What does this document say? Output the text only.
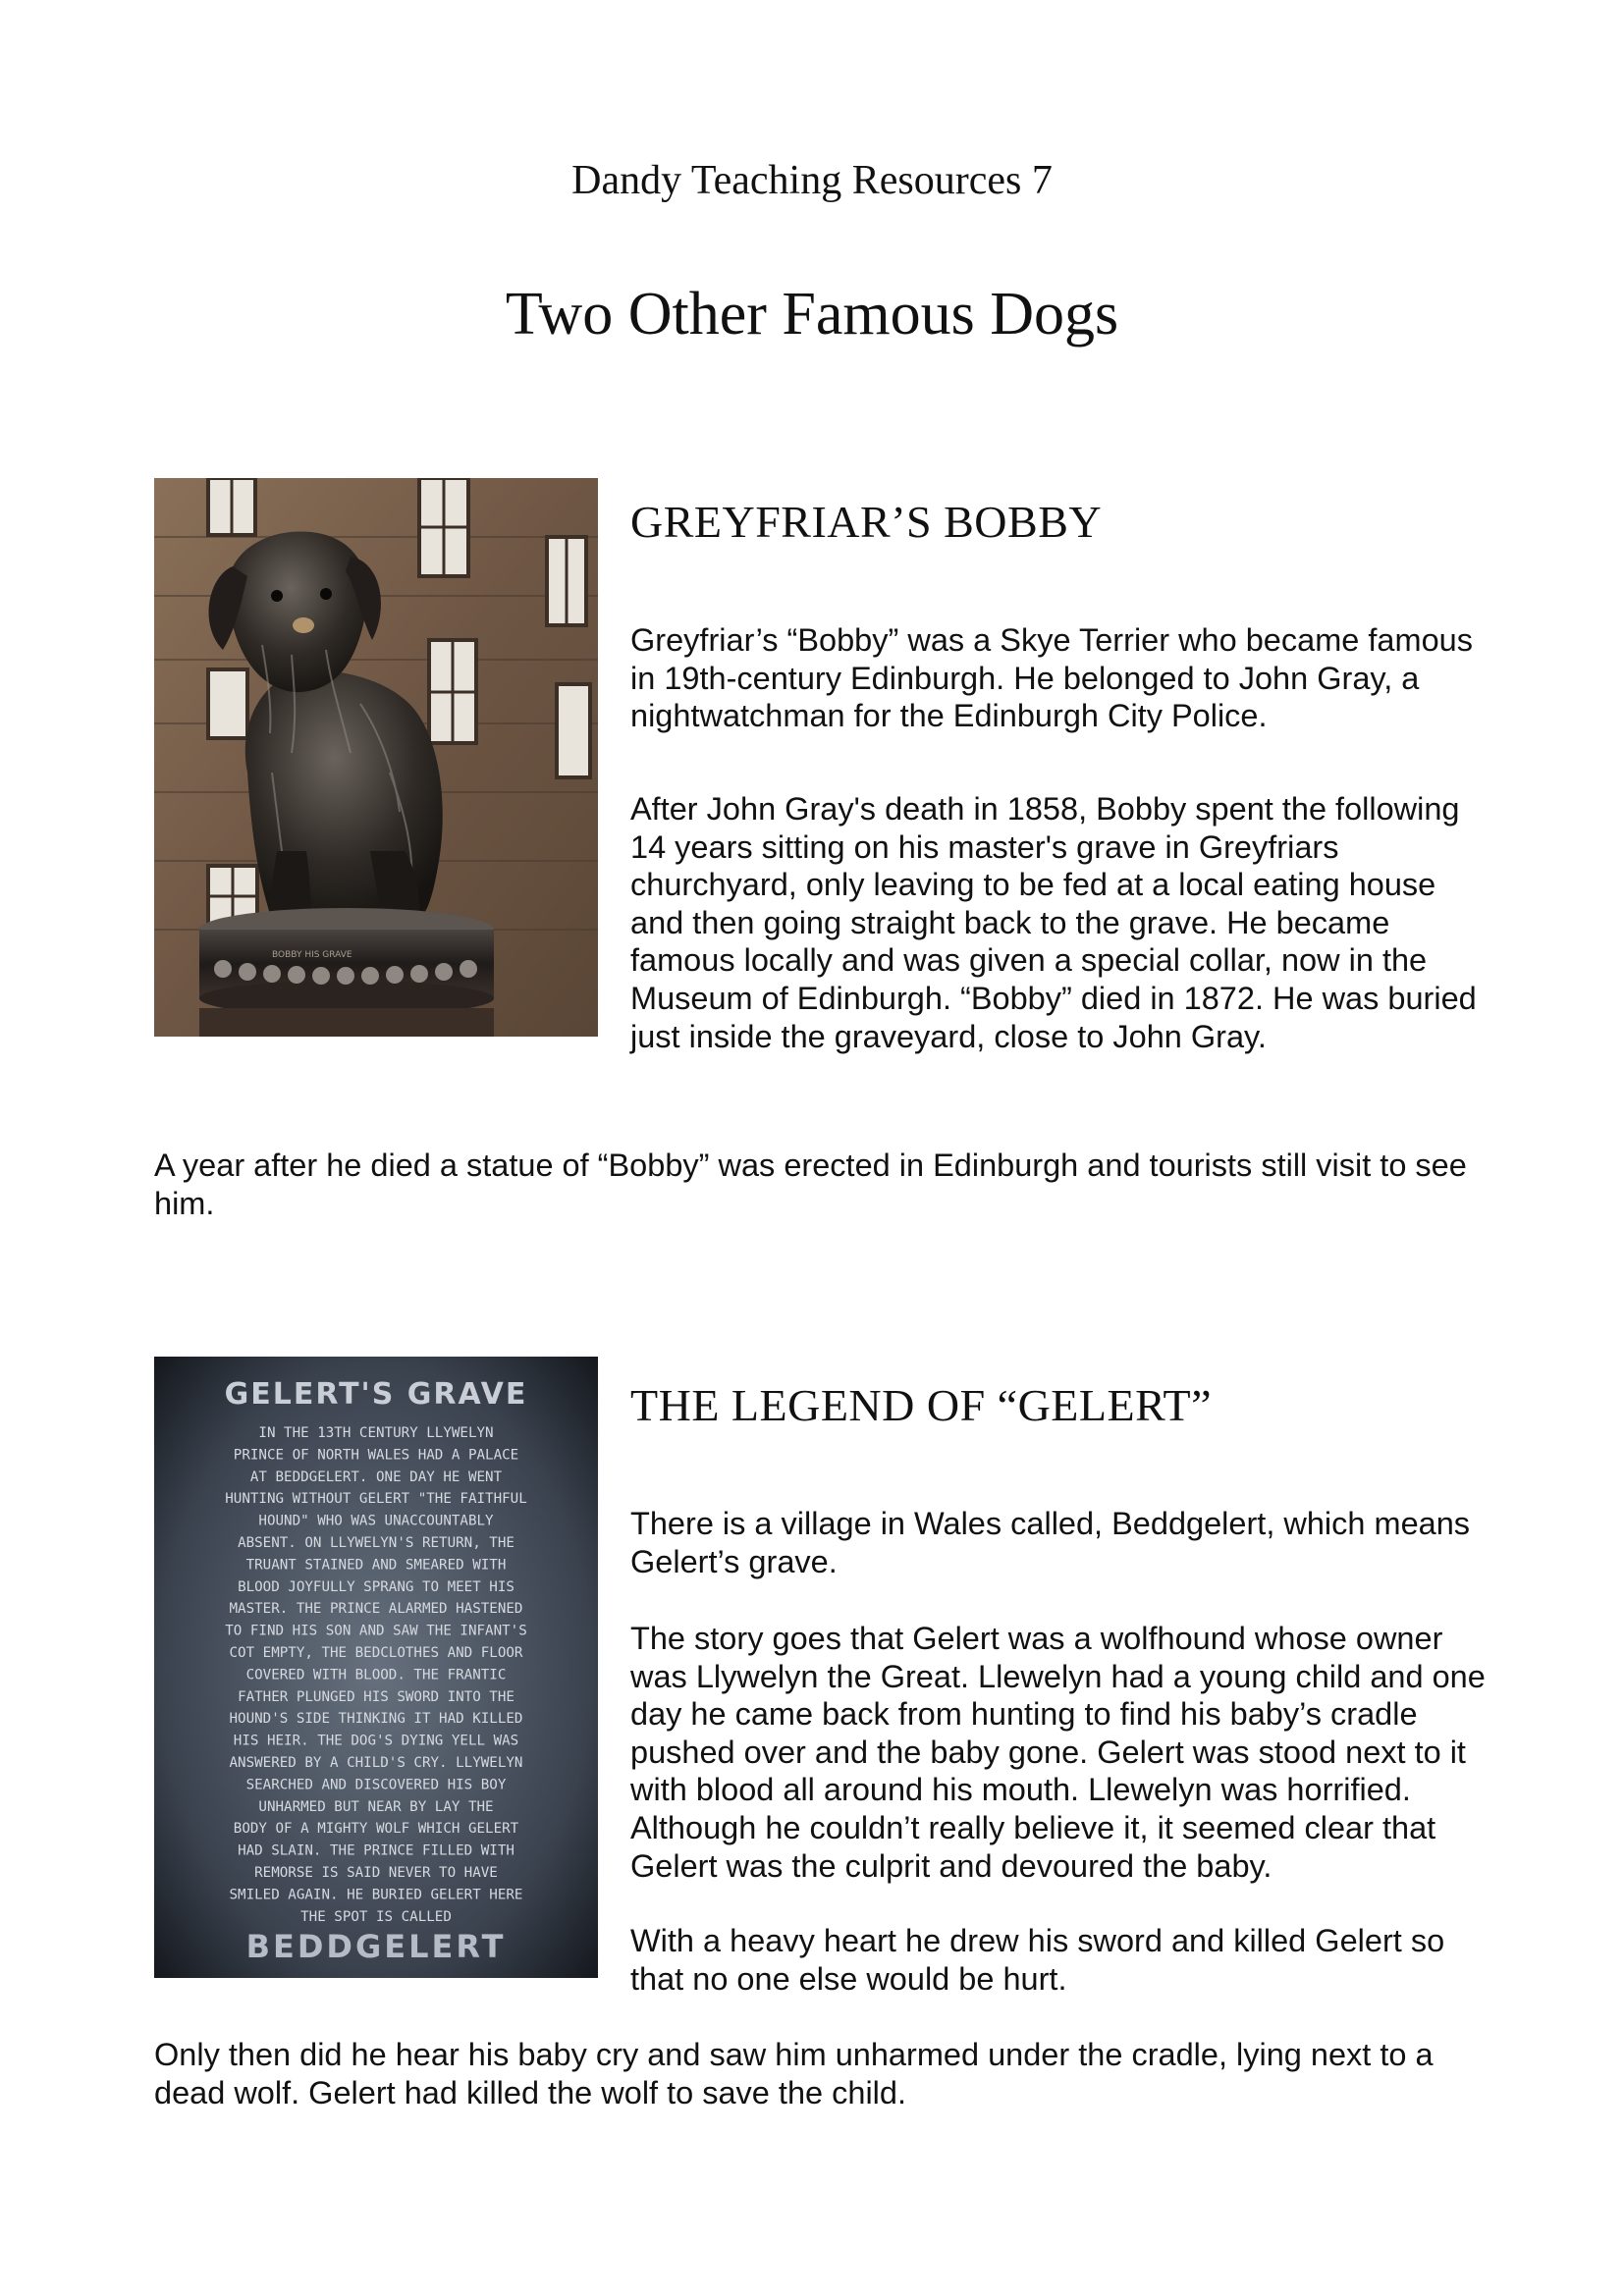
Dandy Teaching Resources 7
Two Other Famous Dogs
BOBBY HIS GRAVE
GREYFRIAR’S BOBBY

Greyfriar’s “Bobby” was a Skye Terrier who became famous in 19th-century Edinburgh. He belonged to John Gray, a nightwatchman for the Edinburgh City Police.

After John Gray's death in 1858, Bobby spent the following 14 years sitting on his master's grave in Greyfriars churchyard, only leaving to be fed at a local eating house and then going straight back to the grave. He became famous locally and was given a special collar, now in the Museum of Edinburgh. “Bobby” died in 1872. He was buried just inside the graveyard, close to John Gray.

A year after he died a statue of “Bobby” was erected in Edinburgh and tourists still visit to see him.

GELERT'S GRAVE
IN THE 13TH CENTURY LLYWELYN
PRINCE OF NORTH WALES HAD A PALACE
AT BEDDGELERT. ONE DAY HE WENT
HUNTING WITHOUT GELERT "THE FAITHFUL
HOUND" WHO WAS UNACCOUNTABLY
ABSENT. ON LLYWELYN'S RETURN, THE
TRUANT STAINED AND SMEARED WITH
BLOOD JOYFULLY SPRANG TO MEET HIS
MASTER. THE PRINCE ALARMED HASTENED
TO FIND HIS SON AND SAW THE INFANT'S
COT EMPTY, THE BEDCLOTHES AND FLOOR
COVERED WITH BLOOD. THE FRANTIC
FATHER PLUNGED HIS SWORD INTO THE
HOUND'S SIDE THINKING IT HAD KILLED
HIS HEIR. THE DOG'S DYING YELL WAS
ANSWERED BY A CHILD'S CRY. LLYWELYN
SEARCHED AND DISCOVERED HIS BOY
UNHARMED BUT NEAR BY LAY THE
BODY OF A MIGHTY WOLF WHICH GELERT
HAD SLAIN. THE PRINCE FILLED WITH
REMORSE IS SAID NEVER TO HAVE
SMILED AGAIN. HE BURIED GELERT HERE
THE SPOT IS CALLED
BEDDGELERT
THE LEGEND OF “GELERT”

There is a village in Wales called, Beddgelert, which means Gelert’s grave.

The story goes that Gelert was a wolfhound whose owner was Llywelyn the Great. Llewelyn had a young child and one day he came back from hunting to find his baby’s cradle pushed over and the baby gone. Gelert was stood next to it with blood all around his mouth. Llewelyn was horrified. Although he couldn’t really believe it, it seemed clear that Gelert was the culprit and devoured the baby.

With a heavy heart he drew his sword and killed Gelert so that no one else would be hurt.

Only then did he hear his baby cry and saw him unharmed under the cradle, lying next to a dead wolf. Gelert had killed the wolf to save the child.
